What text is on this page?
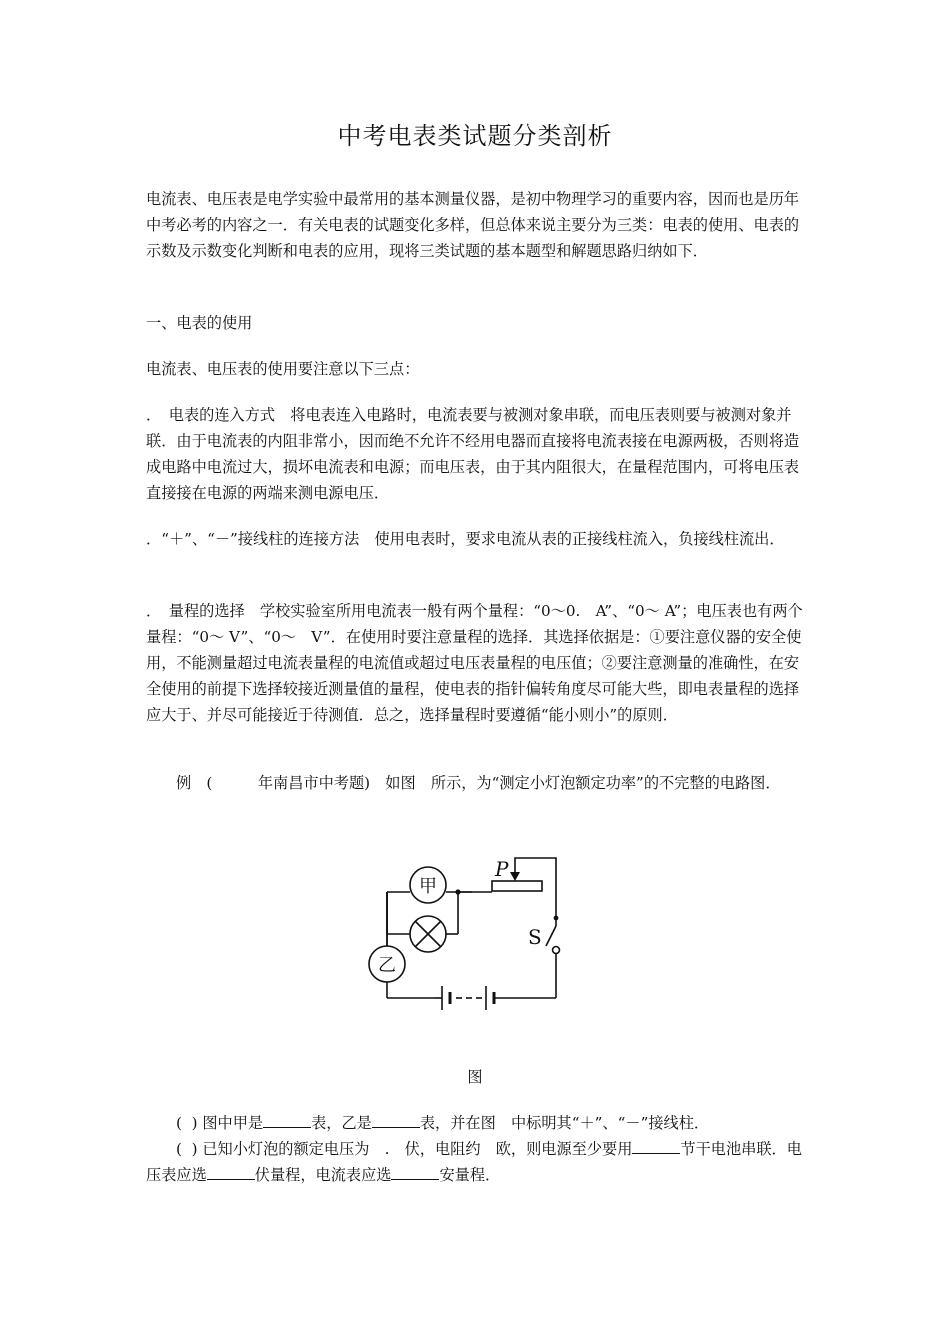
中考电表类试题分类剖析
电流表、电压表是电学实验中最常用的基本测量仪器，是初中物理学习的重要内容，因而也是历年中考必考的内容之一．有关电表的试题变化多样，但总体来说主要分为三类：电表的使用、电表的示数及示数变化判断和电表的应用，现将三类试题的基本题型和解题思路归纳如下．
一、电表的使用
电流表、电压表的使用要注意以下三点：
．　电表的连入方式　将电表连入电路时，电流表要与被测对象串联，而电压表则要与被测对象并联．由于电流表的内阻非常小，因而绝不允许不经用电器而直接将电流表接在电源两极，否则将造成电路中电流过大，损坏电流表和电源；而电压表，由于其内阻很大，在量程范围内，可将电压表直接接在电源的两端来测电源电压．
．“＋”、“－”接线柱的连接方法　使用电表时，要求电流从表的正接线柱流入，负接线柱流出．
．　量程的选择　学校实验室所用电流表一般有两个量程：“0～0.　A”、“0～ A”；电压表也有两个量程：“0～ V”、“0～　V”．在使用时要注意量程的选择．其选择依据是：①要注意仪器的安全使用，不能测量超过电流表量程的电流值或超过电压表量程的电压值；②要注意测量的准确性，在安全使用的前提下选择较接近测量值的量程，使电表的指针偏转角度尽可能大些，即电表量程的选择应大于、并尽可能接近于待测值．总之，选择量程时要遵循“能小则小”的原则．
例　(　　　年南昌市中考题)　如图　所示，为“测定小灯泡额定功率”的不完整的电路图．
甲
乙
P
S
图
(  ) 图中甲是	表，乙是	表，并在图　中标明其“＋”、“－”接线柱．
(  ) 已知小灯泡的额定电压为　.　伏，电阻约　欧，则电源至少要用	节干电池串联．电压表应选	伏量程，电流表应选	安量程．
